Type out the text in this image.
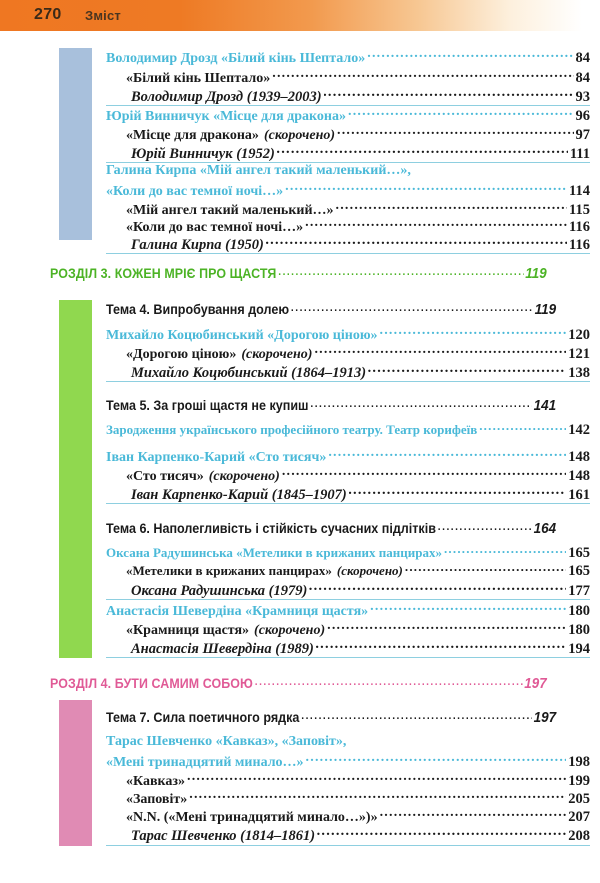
270 Зміст
Володимир Дрозд «Білий кінь Шептало» .....	84
«Білий кінь Шептало» .....	84
Володимир Дрозд (1939–2003) .....	93
Юрій Винничук «Місце для дракона» .....	96
«Місце для дракона» (скорочено) .....	97
Юрій Винничук (1952) .....	111
Галина Кирпа «Мій ангел такий маленький…»,
«Коли до вас темної ночі…» .....	114
«Мій ангел такий маленький…» .....	115
«Коли до вас темної ночі…» .....	116
Галина Кирпа (1950) .....	116
РОЗДІЛ 3. КОЖЕН МРІЄ ПРО ЩАСТЯ .....	119
Тема 4. Випробування долею .....	119
Михайло Коцюбинський «Дорогою ціною» .....	120
«Дорогою ціною» (скорочено) .....	121
Михайло Коцюбинський (1864–1913) .....	138
Тема 5. За гроші щастя не купиш .....	141
Зародження українського професійного театру. Театр корифеїв .....	142
Іван Карпенко-Карий «Сто тисяч» .....	148
«Сто тисяч» (скорочено) .....	148
Іван Карпенко-Карий (1845–1907) .....	161
Тема 6. Наполегливість і стійкість сучасних підлітків .....	164
Оксана Радушинська «Метелики в крижаних панцирах» .....	165
«Метелики в крижаних панцирах» (скорочено) .....	165
Оксана Радушинська (1979) .....	177
Анастасія Шевердіна «Крамниця щастя» .....	180
«Крамниця щастя» (скорочено) .....	180
Анастасія Шевердіна (1989) .....	194
РОЗДІЛ 4. БУТИ САМИМ СОБОЮ .....	197
Тема 7. Сила поетичного рядка .....	197
Тарас Шевченко «Кавказ», «Заповіт»,
«Мені тринадцятий минало…» .....	198
«Кавказ» .....	199
«Заповіт» .....	205
«N.N. («Мені тринадцятий минало…»)» .....	207
Тарас Шевченко (1814–1861) .....	208
